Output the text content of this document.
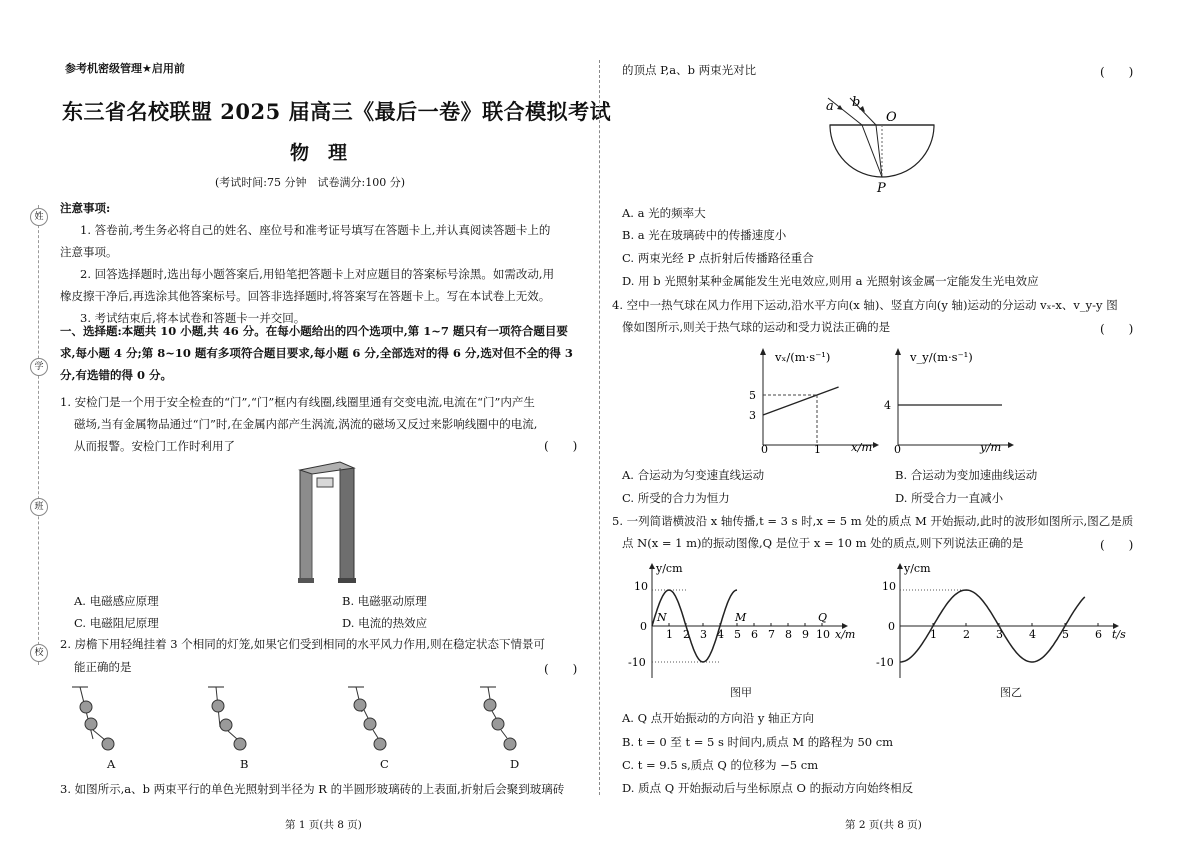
参考机密级管理★启用前
东三省名校联盟 2025 届高三《最后一卷》联合模拟考试
物　理
(考试时间:75 分钟　试卷满分:100 分)
姓
学
班
校
注意事项:
1. 答卷前,考生务必将自己的姓名、座位号和准考证号填写在答题卡上,并认真阅读答题卡上的
注意事项。
2. 回答选择题时,选出每小题答案后,用铅笔把答题卡上对应题目的答案标号涂黑。如需改动,用
橡皮擦干净后,再选涂其他答案标号。回答非选择题时,将答案写在答题卡上。写在本试卷上无效。
3. 考试结束后,将本试卷和答题卡一并交回。
一、选择题:本题共 10 小题,共 46 分。在每小题给出的四个选项中,第 1~7 题只有一项符合题目要
求,每小题 4 分;第 8~10 题有多项符合题目要求,每小题 6 分,全部选对的得 6 分,选对但不全的得 3
分,有选错的得 0 分。
1. 安检门是一个用于安全检查的“门”,“门”框内有线圈,线圈里通有交变电流,电流在“门”内产生
磁场,当有金属物品通过“门”时,在金属内部产生涡流,涡流的磁场又反过来影响线圈中的电流,
从而报警。安检门工作时利用了	(　　)
A. 电磁感应原理	B. 电磁驱动原理
C. 电磁阻尼原理	D. 电流的热效应
2. 房檐下用轻绳挂着 3 个相同的灯笼,如果它们受到相同的水平风力作用,则在稳定状态下情景可
能正确的是	(　　)
A	B	C	D
3. 如图所示,a、b 两束平行的单色光照射到半径为 R 的半圆形玻璃砖的上表面,折射后会聚到玻璃砖
第 1 页(共 8 页)
的顶点 P,a、b 两束光对比	(　　)
a b
O
P
A. a 光的频率大
B. a 光在玻璃砖中的传播速度小
C. 两束光经 P 点折射后传播路径重合
D. 用 b 光照射某种金属能发生光电效应,则用 a 光照射该金属一定能发生光电效应
4. 空中一热气球在风力作用下运动,沿水平方向(x 轴)、竖直方向(y 轴)运动的分运动 vₓ-x、v_y-y 图
像如图所示,则关于热气球的运动和受力说法正确的是	(　　)
vₓ/(m·s⁻¹)
x/m
0	1
3
5
v_y/(m·s⁻¹)
y/m
0
4
A. 合运动为匀变速直线运动	B. 合运动为变加速曲线运动
C. 所受的合力为恒力	D. 所受合力一直减小
5. 一列简谐横波沿 x 轴传播,t = 3 s 时,x = 5 m 处的质点 M 开始振动,此时的波形如图所示,图乙是质
点 N(x = 1 m)的振动图像,Q 是位于 x = 10 m 处的质点,则下列说法正确的是	(　　)
y/cm
x/m
10
0
-10
1 2 3 4 5 6 7 8 9 10
N	M	Q
图甲
y/cm
t/s
10
0
-10
1 2 3 4 5 6
图乙
A. Q 点开始振动的方向沿 y 轴正方向
B. t = 0 至 t = 5 s 时间内,质点 M 的路程为 50 cm
C. t = 9.5 s,质点 Q 的位移为 −5 cm
D. 质点 Q 开始振动后与坐标原点 O 的振动方向始终相反
第 2 页(共 8 页)
